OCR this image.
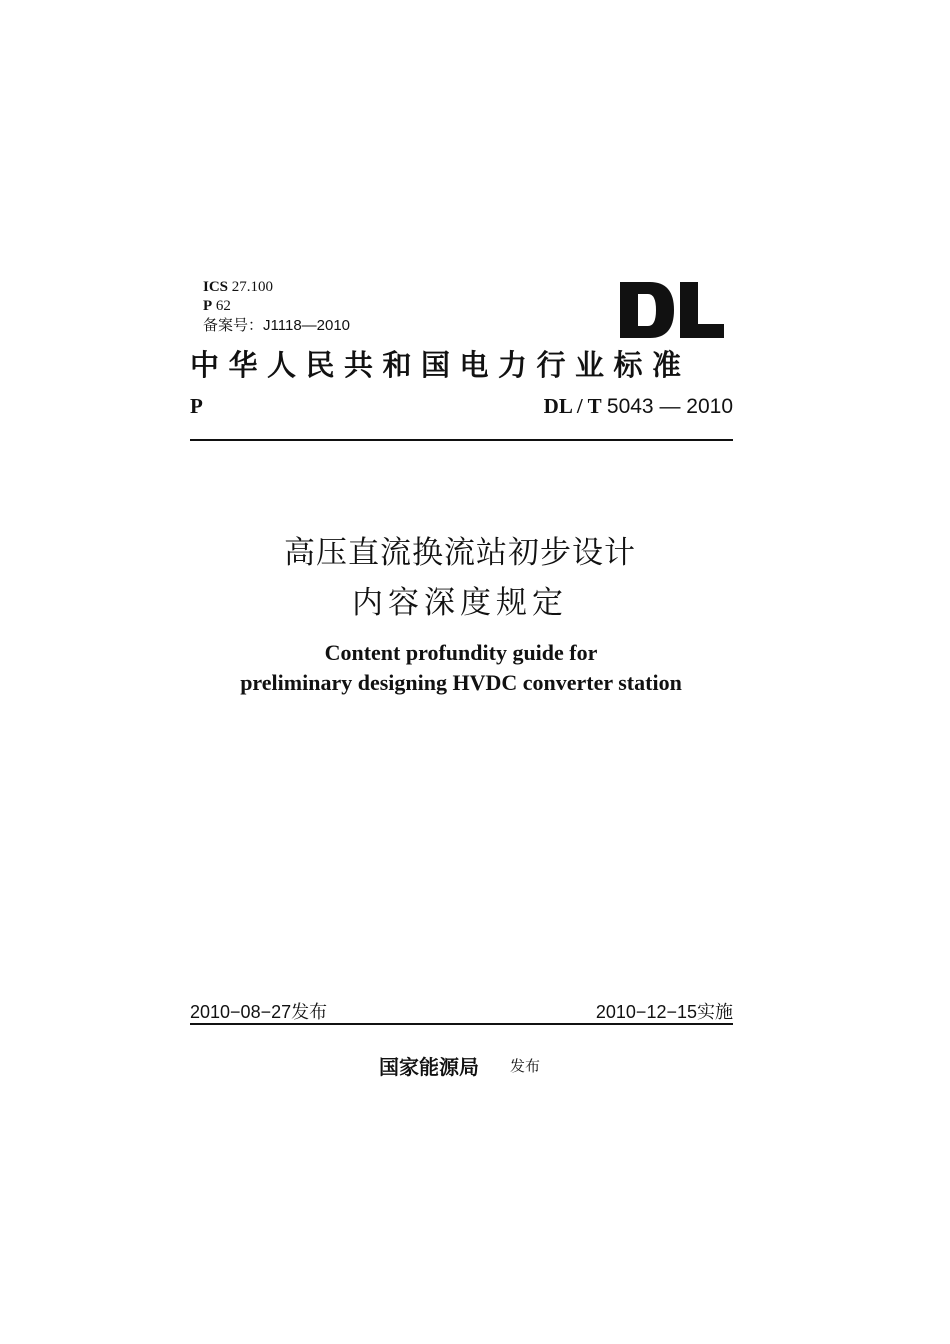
ICS 27.100
P 62
备案号：J1118—2010
中华人民共和国电力行业标准
P	DL / T 5043 — 2010
高压直流换流站初步设计
内容深度规定
Content profundity guide for
preliminary designing HVDC converter station
2010−08−27发布	2010−12−15实施
国家能源局 发布
